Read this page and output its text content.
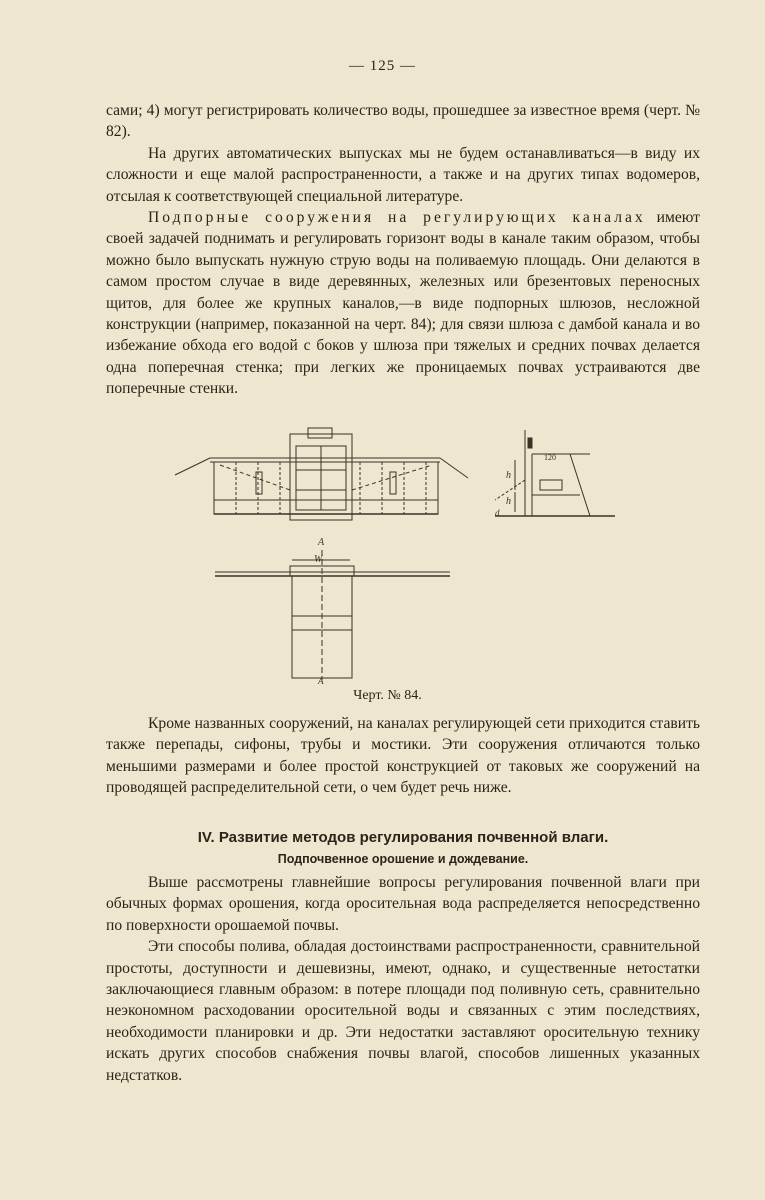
— 125 —

сами; 4) могут регистрировать количество воды, прошедшее за известное время (черт. № 82).

На других автоматических выпусках мы не будем останавливаться—в виду их сложности и еще малой распространенности, а также и на других типах водомеров, отсылая к соответствующей специальной литературе.

Подпорные сооружения на регулирующих каналах имеют своей задачей поднимать и регулировать горизонт воды в канале таким образом, чтобы можно было выпускать нужную струю воды на поливаемую площадь. Они делаются в самом простом случае в виде деревянных, железных или брезентовых переносных щитов, для более же крупных каналов,—в виде подпорных шлюзов, несложной конструкции (например, показанной на черт. 84); для связи шлюза с дамбой канала и во избежание обхода его водой с боков у шлюза при тяжелых и средних почвах делается одна поперечная стенка; при легких же проницаемых почвах устраиваются две поперечные стенки.

h
h
d
120
A
W
A
Черт. № 84.

Кроме названных сооружений, на каналах регулирующей сети приходится ставить также перепады, сифоны, трубы и мостики. Эти сооружения отличаются только меньшими размерами и более простой конструкцией от таковых же сооружений на проводящей распределительной сети, о чем будет речь ниже.

IV. Развитие методов регулирования почвенной влаги.
Подпочвенное орошение и дождевание.

Выше рассмотрены главнейшие вопросы регулирования почвенной влаги при обычных формах орошения, когда оросительная вода распределяется непосредственно по поверхности орошаемой почвы.

Эти способы полива, обладая достоинствами распространенности, сравнительной простоты, доступности и дешевизны, имеют, однако, и существенные нетостатки заключающиеся главным образом: в потере площади под поливную сеть, сравнительно неэкономном расходовании оросительной воды и связанных с этим последствиях, необходимости планировки и др. Эти недостатки заставляют оросительную технику искать других способов снабжения почвы влагой, способов лишенных указанных недстатков.
